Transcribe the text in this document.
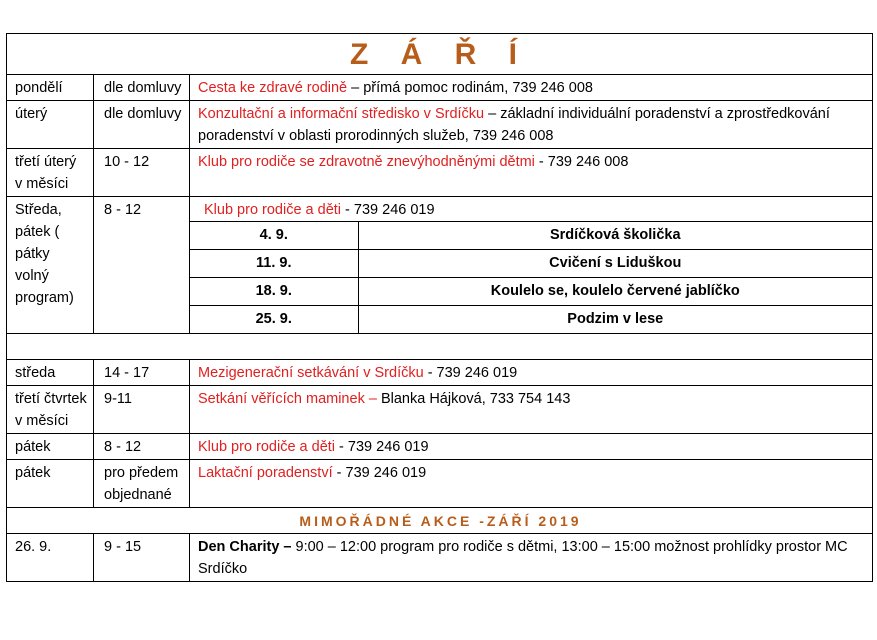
Z Á Ř Í
pondělí	dle domluvy	Cesta ke zdravé rodině – přímá pomoc rodinám, 739 246 008
úterý	dle domluvy	Konzultační a informační středisko v Srdíčku – základní individuální poradenství a zprostředkování poradenství v oblasti prorodinných služeb, 739 246 008
třetí úterý v měsíci	10 - 12	Klub pro rodiče se zdravotně znevýhodněnými dětmi - 739 246 008
Středa, pátek ( pátky volný program)	8 - 12	Klub pro rodiče a děti - 739 246 019
4. 9.	Srdíčková školička
11. 9.	Cvičení s Liduškou
18. 9.	Koulelo se, koulelo červené jablíčko
25. 9.	Podzim v lese

středa	14 - 17	Mezigenerační setkávání v Srdíčku - 739 246 019
třetí čtvrtek v měsíci	9-11	Setkání věřících maminek – Blanka Hájková, 733 754 143
pátek	8 - 12	Klub pro rodiče a děti - 739 246 019
pátek	pro předem objednané	Laktační poradenství - 739 246 019
MIMOŘÁDNÉ AKCE -ZÁŘÍ 2019
26. 9.	9 - 15	Den Charity – 9:00 – 12:00 program pro rodiče s dětmi, 13:00 – 15:00 možnost prohlídky prostor MC Srdíčko
